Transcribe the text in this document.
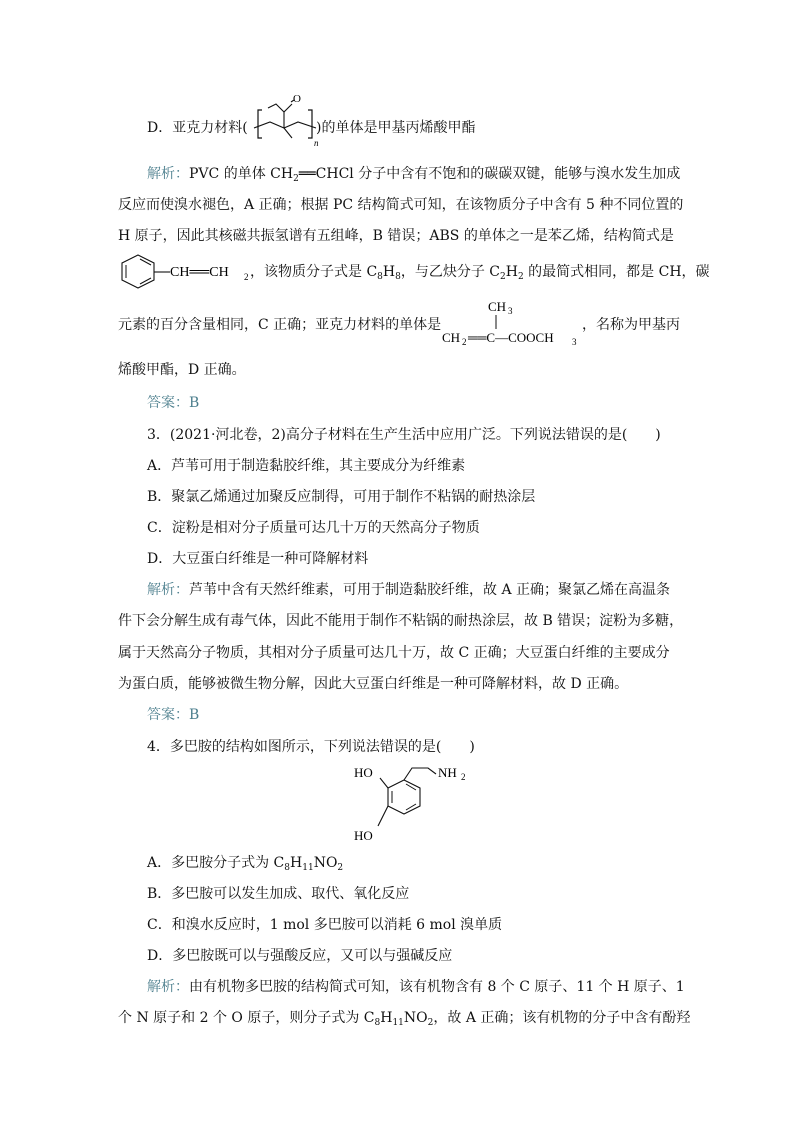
D．亚克力材料(
O
n
)的单体是甲基丙烯酸甲酯
解析：PVC 的单体 $CH_2══CHCl$ 分子中含有不饱和的碳碳双键，能够与溴水发生加成
反应而使溴水褪色，A 正确；根据 PC 结构简式可知，在该物质分子中含有 5 种不同位置的
H 原子，因此其核磁共振氢谱有五组峰，B 错误；ABS 的单体之一是苯乙烯，结构简式是
CH══CH 2 ，该物质分子式是 $C_8H_8$，与乙炔分子 $C_2H_2$ 的最简式相同，都是 CH，碳
元素的百分含量相同，C 正确；亚克力材料的单体是
CH 3
CH 2 ══C—COOCH 3
，名称为甲基丙
烯酸甲酯，D 正确。
答案：B
3．(2021·河北卷，2)高分子材料在生产生活中应用广泛。下列说法错误的是(　　)
A．芦苇可用于制造黏胶纤维，其主要成分为纤维素
B．聚氯乙烯通过加聚反应制得，可用于制作不粘锅的耐热涂层
C．淀粉是相对分子质量可达几十万的天然高分子物质
D．大豆蛋白纤维是一种可降解材料
解析：芦苇中含有天然纤维素，可用于制造黏胶纤维，故 A 正确；聚氯乙烯在高温条
件下会分解生成有毒气体，因此不能用于制作不粘锅的耐热涂层，故 B 错误；淀粉为多糖，
属于天然高分子物质，其相对分子质量可达几十万，故 C 正确；大豆蛋白纤维的主要成分
为蛋白质，能够被微生物分解，因此大豆蛋白纤维是一种可降解材料，故 D 正确。
答案：B
4．多巴胺的结构如图所示，下列说法错误的是(　　)
HO	NH 2
HO
A．多巴胺分子式为 $C_8H_{11}NO_2$
B．多巴胺可以发生加成、取代、氧化反应
C．和溴水反应时，1 mol 多巴胺可以消耗 6 mol 溴单质
D．多巴胺既可以与强酸反应，又可以与强碱反应
解析：由有机物多巴胺的结构简式可知，该有机物含有 8 个 C 原子、11 个 H 原子、1
个 N 原子和 2 个 O 原子，则分子式为 $C_8H_{11}NO_2$，故 A 正确；该有机物的分子中含有酚羟
